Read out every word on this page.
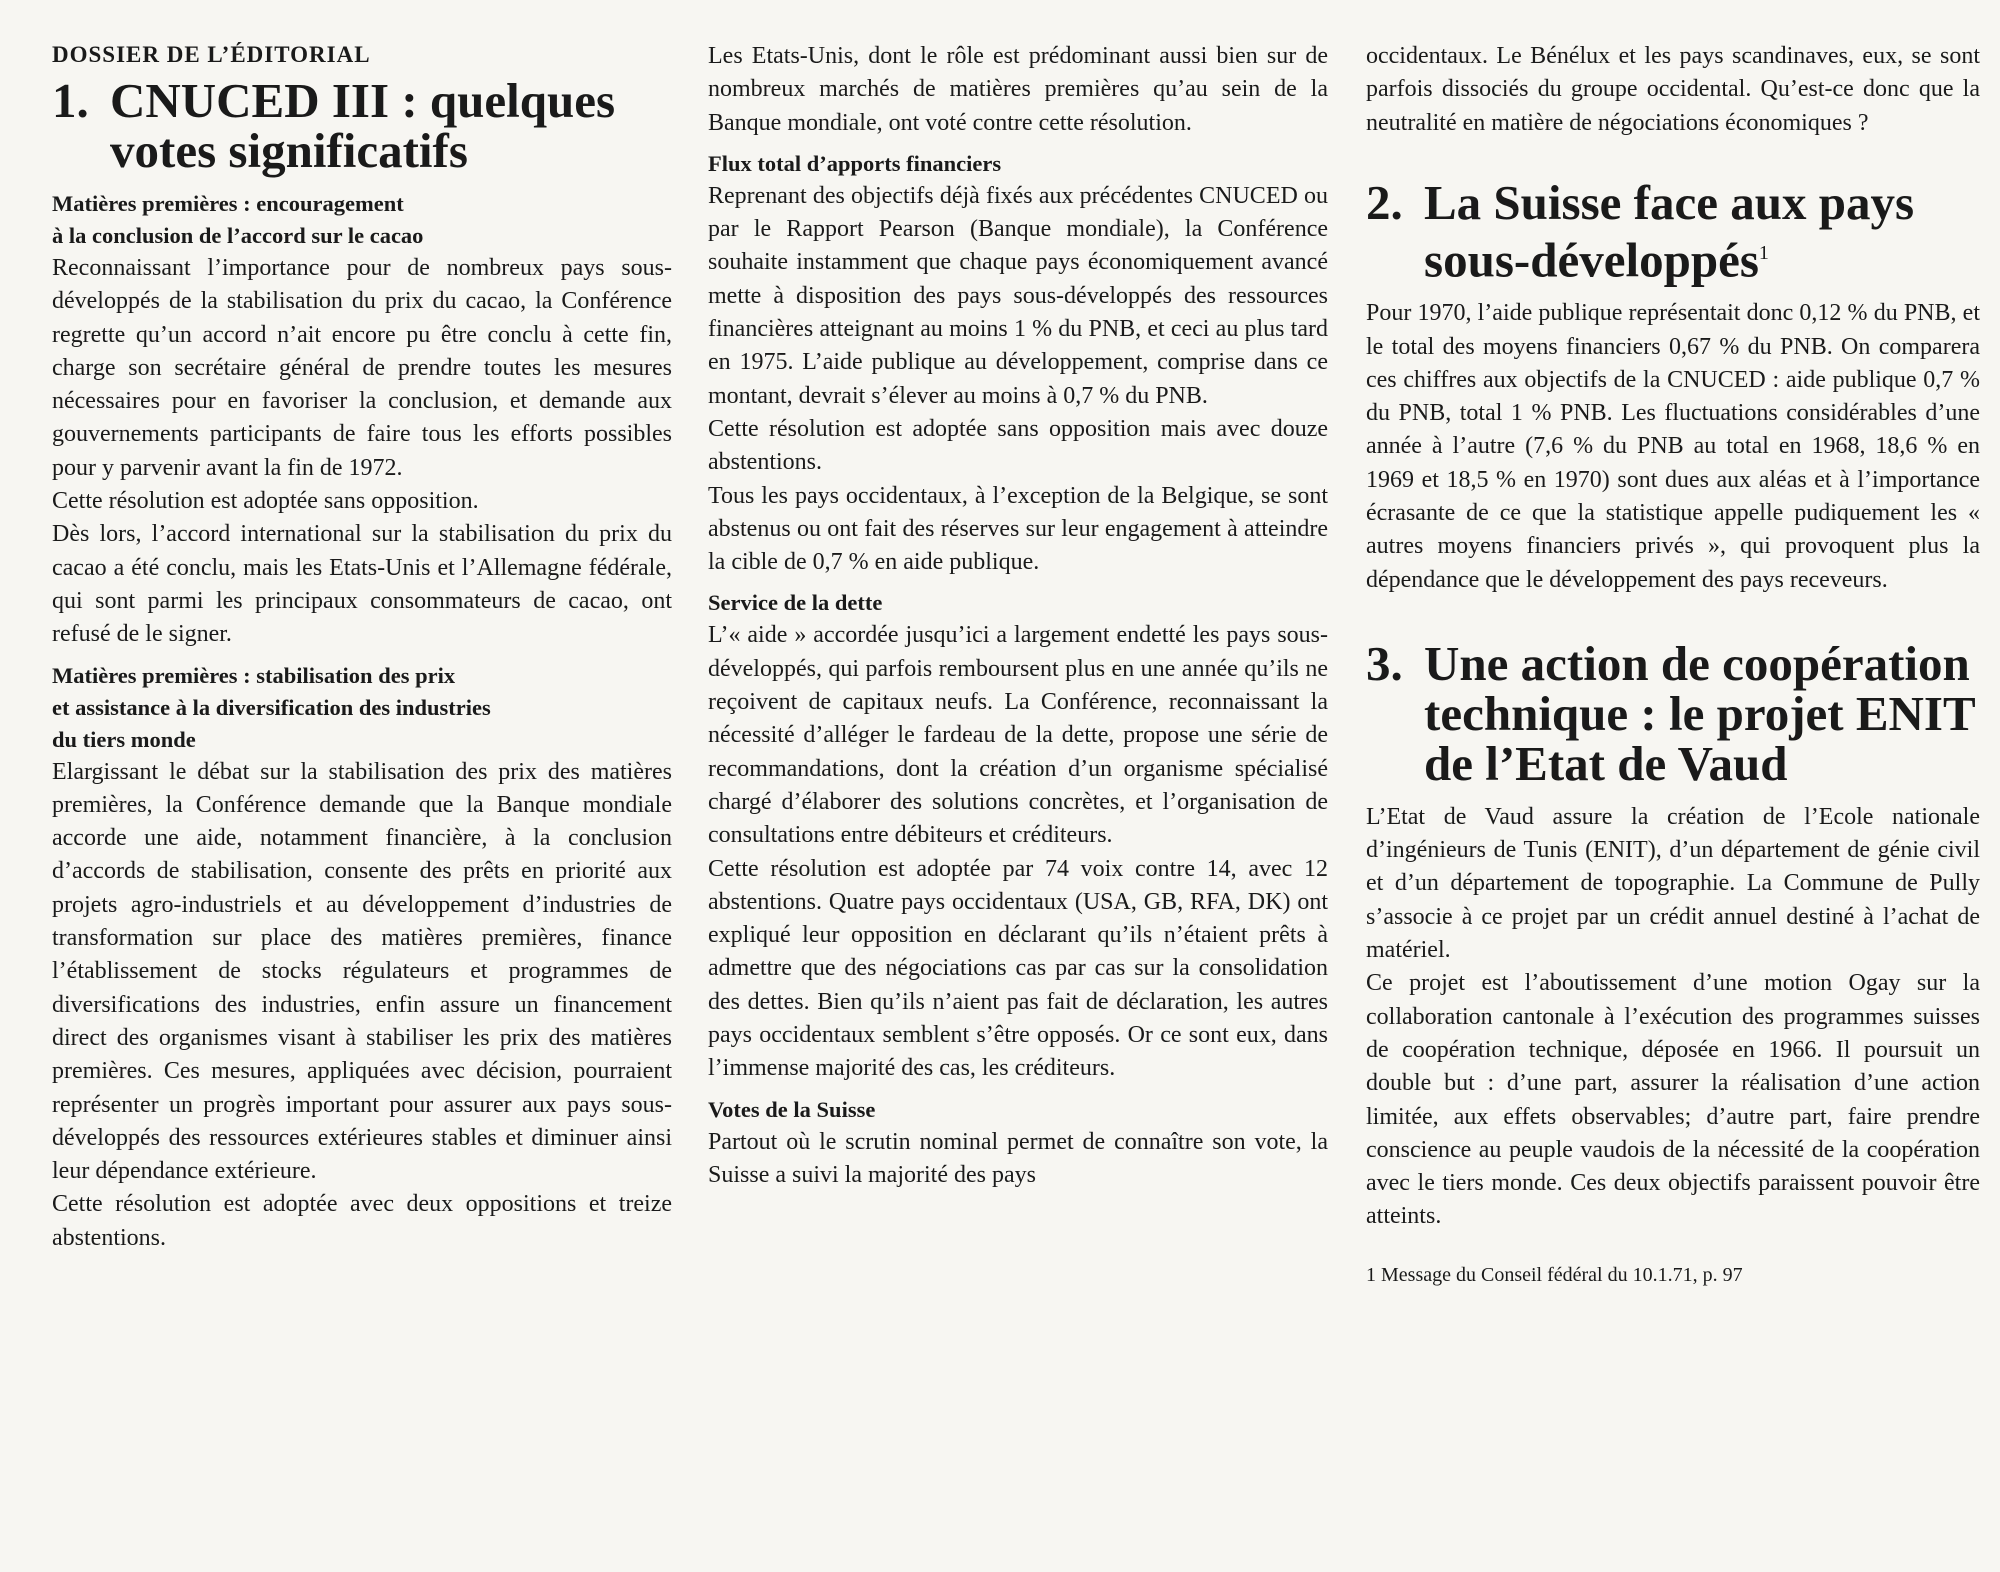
DOSSIER DE L’ÉDITORIAL
1. CNUCED III : quelques votes significatifs
Matières premières : encouragement
à la conclusion de l’accord sur le cacao

Reconnaissant l’importance pour de nombreux pays sous-développés de la stabilisation du prix du cacao, la Conférence regrette qu’un accord n’ait encore pu être conclu à cette fin, charge son secrétaire général de prendre toutes les mesures nécessaires pour en favoriser la conclusion, et demande aux gouvernements participants de faire tous les efforts possibles pour y parvenir avant la fin de 1972.

Cette résolution est adoptée sans opposition.

Dès lors, l’accord international sur la stabilisation du prix du cacao a été conclu, mais les Etats-Unis et l’Allemagne fédérale, qui sont parmi les principaux consommateurs de cacao, ont refusé de le signer.

Matières premières : stabilisation des prix
et assistance à la diversification des industries
du tiers monde

Elargissant le débat sur la stabilisation des prix des matières premières, la Conférence demande que la Banque mondiale accorde une aide, notamment financière, à la conclusion d’accords de stabilisation, consente des prêts en priorité aux projets agro-industriels et au développement d’industries de transformation sur place des matières premières, finance l’établissement de stocks régulateurs et programmes de diversifications des industries, enfin assure un financement direct des organismes visant à stabiliser les prix des matières premières. Ces mesures, appliquées avec décision, pourraient représenter un progrès important pour assurer aux pays sous-développés des ressources extérieures stables et diminuer ainsi leur dépendance extérieure.

Cette résolution est adoptée avec deux oppositions et treize abstentions.

Les Etats-Unis, dont le rôle est prédominant aussi bien sur de nombreux marchés de matières premières qu’au sein de la Banque mondiale, ont voté contre cette résolution.

Flux total d’apports financiers

Reprenant des objectifs déjà fixés aux précédentes CNUCED ou par le Rapport Pearson (Banque mondiale), la Conférence souhaite instamment que chaque pays économiquement avancé mette à disposition des pays sous-développés des ressources financières atteignant au moins 1 % du PNB, et ceci au plus tard en 1975. L’aide publique au développement, comprise dans ce montant, devrait s’élever au moins à 0,7 % du PNB.

Cette résolution est adoptée sans opposition mais avec douze abstentions.

Tous les pays occidentaux, à l’exception de la Belgique, se sont abstenus ou ont fait des réserves sur leur engagement à atteindre la cible de 0,7 % en aide publique.

Service de la dette

L’« aide » accordée jusqu’ici a largement endetté les pays sous-développés, qui parfois remboursent plus en une année qu’ils ne reçoivent de capitaux neufs. La Conférence, reconnaissant la nécessité d’alléger le fardeau de la dette, propose une série de recommandations, dont la création d’un organisme spécialisé chargé d’élaborer des solutions concrètes, et l’organisation de consultations entre débiteurs et créditeurs.

Cette résolution est adoptée par 74 voix contre 14, avec 12 abstentions. Quatre pays occidentaux (USA, GB, RFA, DK) ont expliqué leur opposition en déclarant qu’ils n’étaient prêts à admettre que des négociations cas par cas sur la consolidation des dettes. Bien qu’ils n’aient pas fait de déclaration, les autres pays occidentaux semblent s’être opposés. Or ce sont eux, dans l’immense majorité des cas, les créditeurs.

Votes de la Suisse

Partout où le scrutin nominal permet de connaître son vote, la Suisse a suivi la majorité des pays

occidentaux. Le Bénélux et les pays scandinaves, eux, se sont parfois dissociés du groupe occidental. Qu’est-ce donc que la neutralité en matière de négociations économiques ?

2. La Suisse face aux pays sous-développés$^1$

Pour 1970, l’aide publique représentait donc 0,12 % du PNB, et le total des moyens financiers 0,67 % du PNB. On comparera ces chiffres aux objectifs de la CNUCED : aide publique 0,7 % du PNB, total 1 % PNB. Les fluctuations considérables d’une année à l’autre (7,6 % du PNB au total en 1968, 18,6 % en 1969 et 18,5 % en 1970) sont dues aux aléas et à l’importance écrasante de ce que la statistique appelle pudiquement les « autres moyens financiers privés », qui provoquent plus la dépendance que le développement des pays receveurs.

3. Une action de coopération technique : le projet ENIT de l’Etat de Vaud

L’Etat de Vaud assure la création de l’Ecole nationale d’ingénieurs de Tunis (ENIT), d’un département de génie civil et d’un département de topographie. La Commune de Pully s’associe à ce projet par un crédit annuel destiné à l’achat de matériel.

Ce projet est l’aboutissement d’une motion Ogay sur la collaboration cantonale à l’exécution des programmes suisses de coopération technique, déposée en 1966. Il poursuit un double but : d’une part, assurer la réalisation d’une action limitée, aux effets observables; d’autre part, faire prendre conscience au peuple vaudois de la nécessité de la coopération avec le tiers monde. Ces deux objectifs paraissent pouvoir être atteints.

1 Message du Conseil fédéral du 10.1.71, p. 97
